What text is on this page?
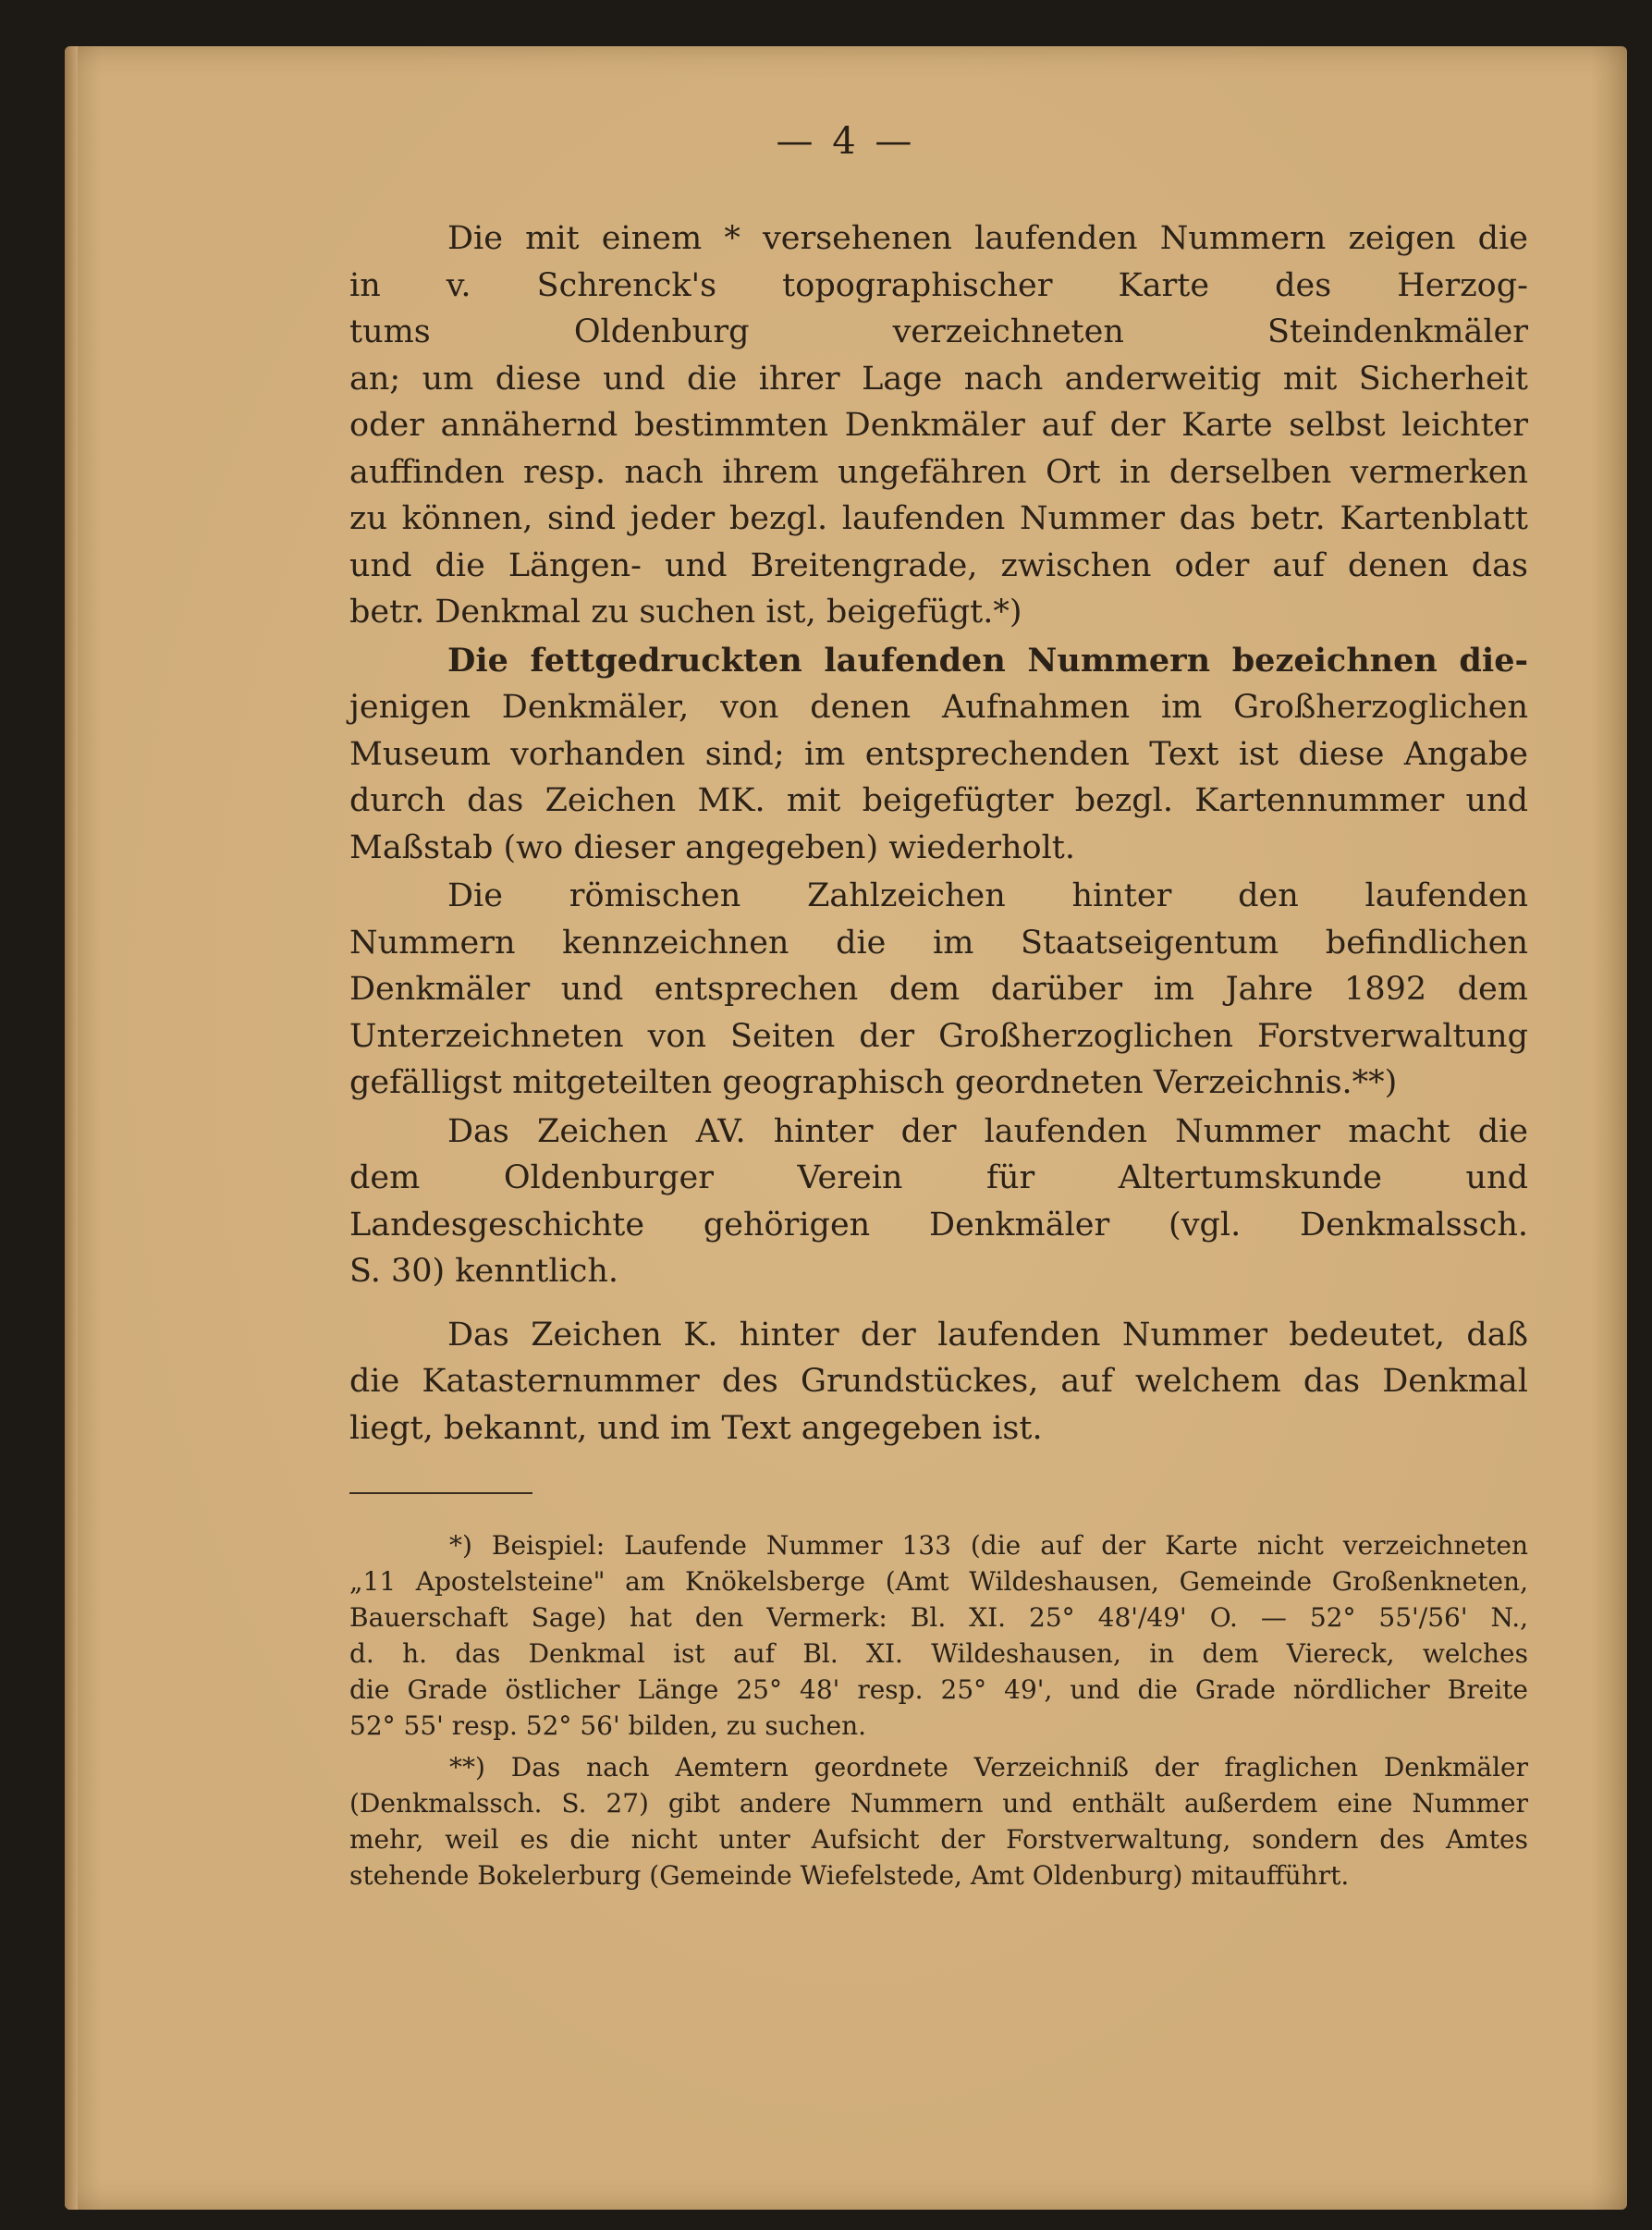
— 4 —

Die mit einem * versehenen laufenden Nummern zeigen die
in v. Schrenck's topographischer Karte des Herzog-
tums Oldenburg verzeichneten Steindenkmäler
an; um diese und die ihrer Lage nach anderweitig mit Sicherheit
oder annähernd bestimmten Denkmäler auf der Karte selbst leichter
auffinden resp. nach ihrem ungefähren Ort in derselben vermerken
zu können, sind jeder bezgl. laufenden Nummer das betr. Kartenblatt
und die Längen- und Breitengrade, zwischen oder auf denen das
betr. Denkmal zu suchen ist, beigefügt.*)

Die fettgedruckten laufenden Nummern bezeichnen die-
jenigen Denkmäler, von denen Aufnahmen im Großherzoglichen
Museum vorhanden sind; im entsprechenden Text ist diese Angabe
durch das Zeichen MK. mit beigefügter bezgl. Kartennummer und
Maßstab (wo dieser angegeben) wiederholt.

Die römischen Zahlzeichen hinter den laufenden
Nummern kennzeichnen die im Staatseigentum befindlichen
Denkmäler und entsprechen dem darüber im Jahre 1892 dem
Unterzeichneten von Seiten der Großherzoglichen Forstverwaltung
gefälligst mitgeteilten geographisch geordneten Verzeichnis.**)

Das Zeichen AV. hinter der laufenden Nummer macht die
dem Oldenburger Verein für Altertumskunde und
Landesgeschichte gehörigen Denkmäler (vgl. Denkmalssch.
S. 30) kenntlich.

Das Zeichen K. hinter der laufenden Nummer bedeutet, daß
die Katasternummer des Grundstückes, auf welchem das Denkmal
liegt, bekannt, und im Text angegeben ist.

*) Beispiel: Laufende Nummer 133 (die auf der Karte nicht verzeichneten
„11 Apostelsteine" am Knökelsberge (Amt Wildeshausen, Gemeinde Großenkneten,
Bauerschaft Sage) hat den Vermerk: Bl. XI. 25° 48'/49' O. — 52° 55'/56' N.,
d. h. das Denkmal ist auf Bl. XI. Wildeshausen, in dem Viereck, welches
die Grade östlicher Länge 25° 48' resp. 25° 49', und die Grade nördlicher Breite
52° 55' resp. 52° 56' bilden, zu suchen.

**) Das nach Aemtern geordnete Verzeichniß der fraglichen Denkmäler
(Denkmalssch. S. 27) gibt andere Nummern und enthält außerdem eine Nummer
mehr, weil es die nicht unter Aufsicht der Forstverwaltung, sondern des Amtes
stehende Bokelerburg (Gemeinde Wiefelstede, Amt Oldenburg) mitaufführt.
